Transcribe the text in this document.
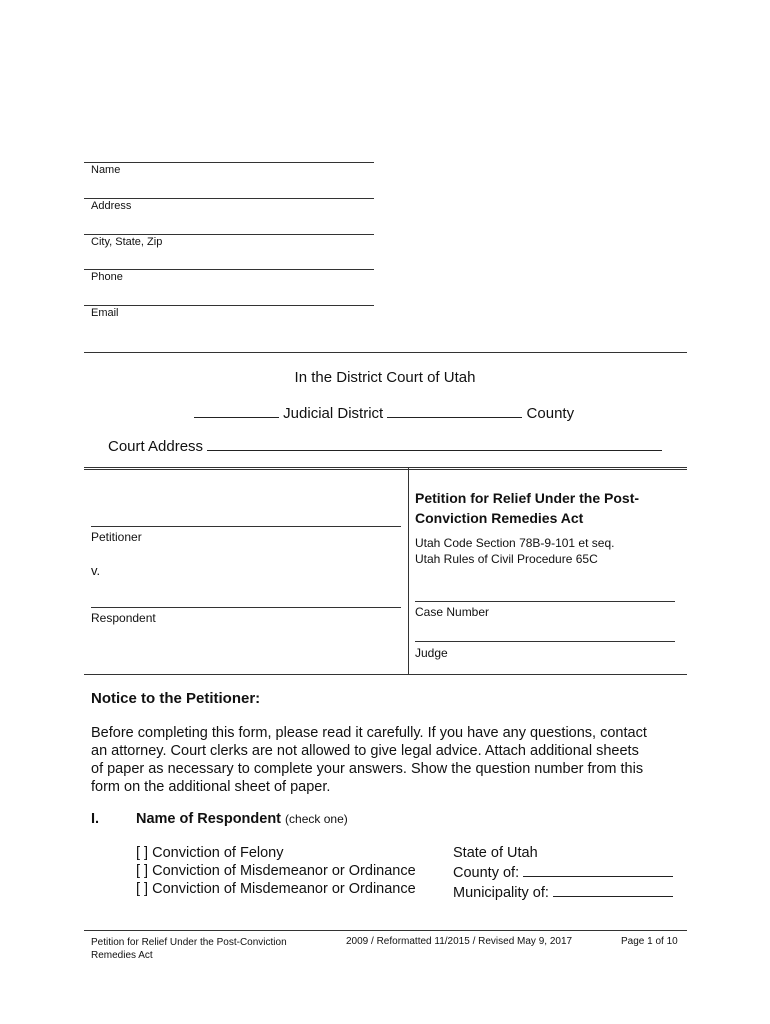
Name
Address
City, State, Zip
Phone
Email
In the District Court of Utah
Judicial District	County
Court Address
Petitioner
v.
Respondent
Petition for Relief Under the Post-
Conviction Remedies Act
Utah Code Section 78B-9-101 et seq.
Utah Rules of Civil Procedure 65C
Case Number
Judge
Notice to the Petitioner:
Before completing this form, please read it carefully. If you have any questions, contact
an attorney. Court clerks are not allowed to give legal advice. Attach additional sheets
of paper as necessary to complete your answers. Show the question number from this
form on the additional sheet of paper.
I.	Name of Respondent (check one)
[ ] Conviction of Felony
[ ] Conviction of Misdemeanor or Ordinance
[ ] Conviction of Misdemeanor or Ordinance
State of Utah
County of:
Municipality of:
Petition for Relief Under the Post-Conviction
Remedies Act
2009 / Reformatted 11/2015 / Revised May 9, 2017	Page 1 of 10
